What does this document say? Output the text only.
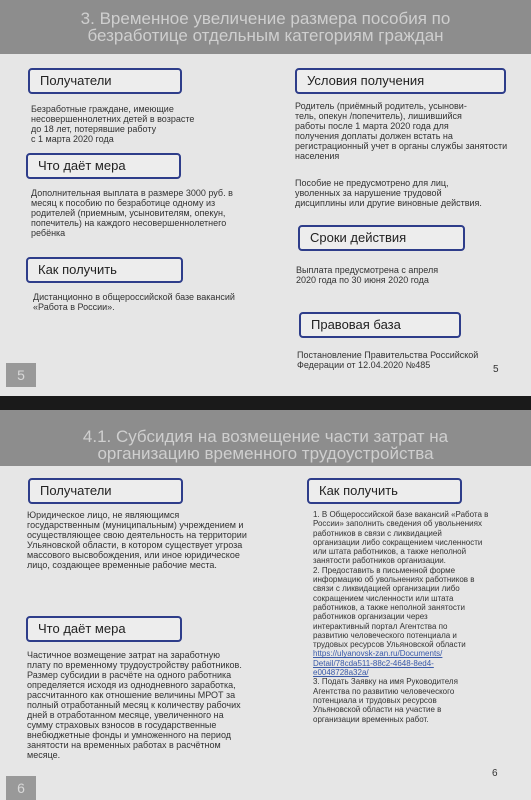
3. Временное увеличение размера пособия по
безработице отдельным категориям граждан
Получатели
Безработные граждане, имеющие
несовершеннолетних детей в возрасте
до 18 лет, потерявшие работу
с 1 марта 2020 года
Что даёт мера
Дополнительная выплата в размере 3000 руб. в
месяц к пособию по безработице одному из
родителей (приемным, усыновителям, опекун,
попечитель) на каждого несовершеннолетнего
ребёнка
Как получить
Дистанционно в общероссийской базе вакансий
«Работа в России».
Условия получения
Родитель (приёмный родитель, усынови-
тель, опекун /попечитель), лишившийся
работы после 1 марта 2020 года для
получения доплаты должен встать на
регистрационный учет в органы службы занятости
населения
Пособие не предусмотрено для лиц,
уволенных за нарушение трудовой
дисциплины или другие виновные действия.
Сроки действия
Выплата предусмотрена с апреля
2020 года по 30 июня 2020 года
Правовая база
Постановление Правительства Российской
Федерации от 12.04.2020 №485
5	5
4.1. Субсидия на возмещение части затрат на
организацию временного трудоустройства
Получатели
Юридическое лицо, не являющимся
государственным (муниципальным) учреждением и
осуществляющее свою деятельность на территории
Ульяновской области, в котором существует угроза
массового высвобождения, или иное юридическое
лицо, создающее временные рабочие места.
Что даёт мера
Частичное возмещение затрат на заработную
плату по временному трудоустройству работников.
Размер субсидии в расчёте на одного работника
определяется исходя из однодневного заработка,
рассчитанного как отношение величины МРОТ за
полный отработанный месяц к количеству рабочих
дней в отработанном месяце, увеличенного на
сумму страховых взносов в государственные
внебюджетные фонды и умноженного на период
занятости на временных работах в расчётном
месяце.
Как получить
1. В Общероссийской базе вакансий «Работа в
России» заполнить сведения об увольнениях
работников в связи с ликвидацией
организации либо сокращением численности
или штата работников, а также неполной
занятости работников организации.
2. Предоставить в письменной форме
информацию об увольнениях работников в
связи с ликвидацией организации либо
сокращением численности или штата
работников, а также неполной занятости
работников организации через
интерактивный портал Агентства по
развитию человеческого потенциала и
трудовых ресурсов Ульяновской области
https://ulyanovsk-zan.ru/Documents/
Detail/78cda511-88c2-4648-8ed4-
e0048728a32a/
3. Подать Заявку на имя Руководителя
Агентства по развитию человеческого
потенциала и трудовых ресурсов
Ульяновской области на участие в
организации временных работ.
6
6
